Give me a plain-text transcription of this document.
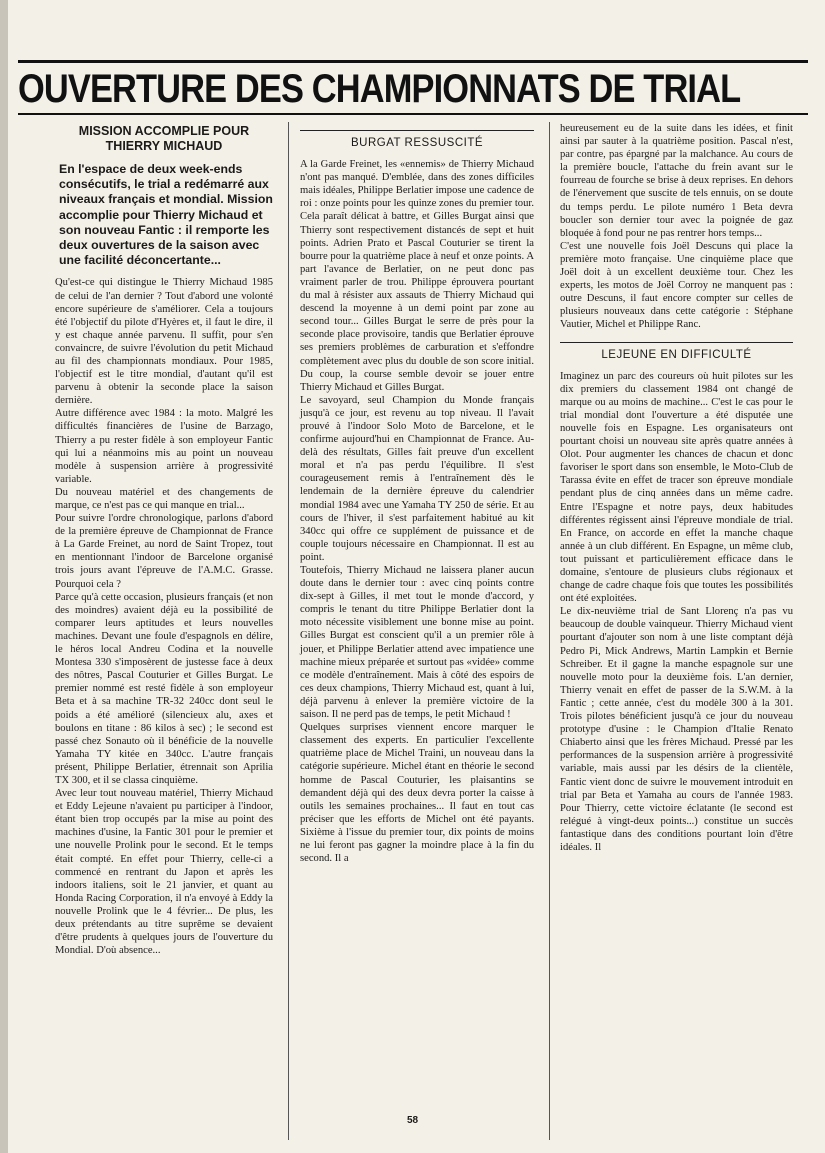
OUVERTURE DES CHAMPIONNATS DE TRIAL
MISSION ACCOMPLIE POUR THIERRY MICHAUD
En l'espace de deux week-ends consécutifs, le trial a redémarré aux niveaux français et mondial. Mission accomplie pour Thierry Michaud et son nouveau Fantic : il remporte les deux ouvertures de la saison avec une facilité déconcertante...

Qu'est-ce qui distingue le Thierry Michaud 1985 de celui de l'an dernier ? Tout d'abord une volonté encore supérieure de s'améliorer. Cela a toujours été l'objectif du pilote d'Hyères et, il faut le dire, il y est chaque année parvenu. Il suffit, pour s'en convaincre, de suivre l'évolution du petit Michaud au fil des championnats mondiaux. Pour 1985, l'objectif est le titre mondial, d'autant qu'il est parvenu à obtenir la seconde place la saison dernière.

Autre différence avec 1984 : la moto. Malgré les difficultés financières de l'usine de Barzago, Thierry a pu rester fidèle à son employeur Fantic qui lui a néanmoins mis au point un nouveau modèle à suspension arrière à progressivité variable.

Du nouveau matériel et des changements de marque, ce n'est pas ce qui manque en trial...

Pour suivre l'ordre chronologique, parlons d'abord de la première épreuve de Championnat de France à La Garde Freinet, au nord de Saint Tropez, tout en mentionnant l'indoor de Barcelone organisé trois jours avant l'épreuve de l'A.M.C. Grasse. Pourquoi cela ?

Parce qu'à cette occasion, plusieurs français (et non des moindres) avaient déjà eu la possibilité de comparer leurs aptitudes et leurs nouvelles machines. Devant une foule d'espagnols en délire, le héros local Andreu Codina et la nouvelle Montesa 330 s'imposèrent de justesse face à deux des nôtres, Pascal Couturier et Gilles Burgat. Le premier nommé est resté fidèle à son employeur Beta et à sa machine TR-32 240cc dont seul le poids a été amélioré (silencieux alu, axes et boulons en titane : 86 kilos à sec) ; le second est passé chez Sonauto où il bénéficie de la nouvelle Yamaha TY kitée en 340cc. L'autre français présent, Philippe Berlatier, étrennait son Aprilia TX 300, et il se classa cinquième.

Avec leur tout nouveau matériel, Thierry Michaud et Eddy Lejeune n'avaient pu participer à l'indoor, étant bien trop occupés par la mise au point des machines d'usine, la Fantic 301 pour le premier et une nouvelle Prolink pour le second. Et le temps était compté. En effet pour Thierry, celle-ci a commencé en rentrant du Japon et après les indoors italiens, soit le 21 janvier, et quant au Honda Racing Corporation, il n'a envoyé à Eddy la nouvelle Prolink que le 4 février... De plus, les deux prétendants au titre suprême se devaient d'être prudents à quelques jours de l'ouverture du Mondial. D'où absence...

BURGAT RESSUSCITÉ

A la Garde Freinet, les «ennemis» de Thierry Michaud n'ont pas manqué. D'emblée, dans des zones difficiles mais idéales, Philippe Berlatier impose une cadence de roi : onze points pour les quinze zones du premier tour. Cela paraît délicat à battre, et Gilles Burgat ainsi que Thierry sont respectivement distancés de sept et huit points. Adrien Prato et Pascal Couturier se tirent la bourre pour la quatrième place à neuf et onze points. A part l'avance de Berlatier, on ne peut donc pas vraiment parler de trou. Philippe éprouvera pourtant du mal à résister aux assauts de Thierry Michaud qui descend la moyenne à un demi point par zone au second tour... Gilles Burgat le serre de près pour la seconde place provisoire, tandis que Berlatier éprouve ses premiers problèmes de carburation et s'effondre complètement avec plus du double de son score initial. Du coup, la course semble devoir se jouer entre Thierry Michaud et Gilles Burgat.

Le savoyard, seul Champion du Monde français jusqu'à ce jour, est revenu au top niveau. Il l'avait prouvé à l'indoor Solo Moto de Barcelone, et le confirme aujourd'hui en Championnat de France. Au-delà des résultats, Gilles fait preuve d'un excellent moral et n'a pas perdu l'équilibre. Il s'est courageusement remis à l'entraînement dès le lendemain de la dernière épreuve du calendrier mondial 1984 avec une Yamaha TY 250 de série. Et au cours de l'hiver, il s'est parfaitement habitué au kit 340cc qui offre ce supplément de puissance et de couple toujours nécessaire en Championnat. Il est au point.

Toutefois, Thierry Michaud ne laissera planer aucun doute dans le dernier tour : avec cinq points contre dix-sept à Gilles, il met tout le monde d'accord, y compris le tenant du titre Philippe Berlatier dont la moto nécessite visiblement une bonne mise au point. Gilles Burgat est conscient qu'il a un premier rôle à jouer, et Philippe Berlatier attend avec impatience une machine mieux préparée et surtout pas «vidée» comme ce modèle d'entraînement. Mais à côté des espoirs de ces deux champions, Thierry Michaud est, quant à lui, déjà parvenu à enlever la première victoire de la saison. Il ne perd pas de temps, le petit Michaud !

Quelques surprises viennent encore marquer le classement des experts. En particulier l'excellente quatrième place de Michel Traini, un nouveau dans la catégorie supérieure. Michel étant en théorie le second homme de Pascal Couturier, les plaisantins se demandent déjà qui des deux devra porter la caisse à outils les semaines prochaines... Il faut en tout cas préciser que les efforts de Michel ont été payants. Sixième à l'issue du premier tour, dix points de moins ne lui feront pas gagner la moindre place à la fin du second. Il a

heureusement eu de la suite dans les idées, et finit ainsi par sauter à la quatrième position. Pascal n'est, par contre, pas épargné par la malchance. Au cours de la première boucle, l'attache du frein avant sur le fourreau de fourche se brise à deux reprises. En dehors de l'énervement que suscite de tels ennuis, on se doute du temps perdu. Le pilote numéro 1 Beta devra boucler son dernier tour avec la poignée de gaz bloquée à fond pour ne pas rentrer hors temps...

C'est une nouvelle fois Joël Descuns qui place la première moto française. Une cinquième place que Joël doit à un excellent deuxième tour. Chez les experts, les motos de Joël Corroy ne manquent pas : outre Descuns, il faut encore compter sur celles de plusieurs nouveaux dans cette catégorie : Stéphane Vautier, Michel et Philippe Ranc.

LEJEUNE EN DIFFICULTÉ

Imaginez un parc des coureurs où huit pilotes sur les dix premiers du classement 1984 ont changé de marque ou au moins de machine... C'est le cas pour le trial mondial dont l'ouverture a été disputée une nouvelle fois en Espagne. Les organisateurs ont pourtant choisi un nouveau site après quatre années à Olot. Pour augmenter les chances de chacun et donc favoriser le sport dans son ensemble, le Moto-Club de Tarassa évite en effet de tracer son épreuve mondiale pendant plus de cinq années dans un même cadre. Entre l'Espagne et notre pays, deux habitudes différentes régissent ainsi l'épreuve mondiale de trial. En France, on accorde en effet la manche chaque année à un club différent. En Espagne, un même club, tout puissant et particulièrement efficace dans le domaine, s'entoure de plusieurs clubs régionaux et change de cadre chaque fois que toutes les possibilités ont été exploitées.

Le dix-neuvième trial de Sant Llorenç n'a pas vu beaucoup de double vainqueur. Thierry Michaud vient pourtant d'ajouter son nom à une liste comptant déjà Pedro Pi, Mick Andrews, Martin Lampkin et Bernie Schreiber. Et il gagne la manche espagnole sur une nouvelle moto pour la deuxième fois. L'an dernier, Thierry venait en effet de passer de la S.W.M. à la Fantic ; cette année, c'est du modèle 300 à la 301. Trois pilotes bénéficient jusqu'à ce jour du nouveau prototype d'usine : le Champion d'Italie Renato Chiaberto ainsi que les frères Michaud. Pressé par les performances de la suspension arrière à progressivité variable, mais aussi par les désirs de la clientèle, Fantic vient donc de suivre le mouvement introduit en trial par Beta et Yamaha au cours de l'année 1983. Pour Thierry, cette victoire éclatante (le second est relégué à vingt-deux points...) constitue un succès fantastique dans des conditions pourtant loin d'être idéales. Il

58
